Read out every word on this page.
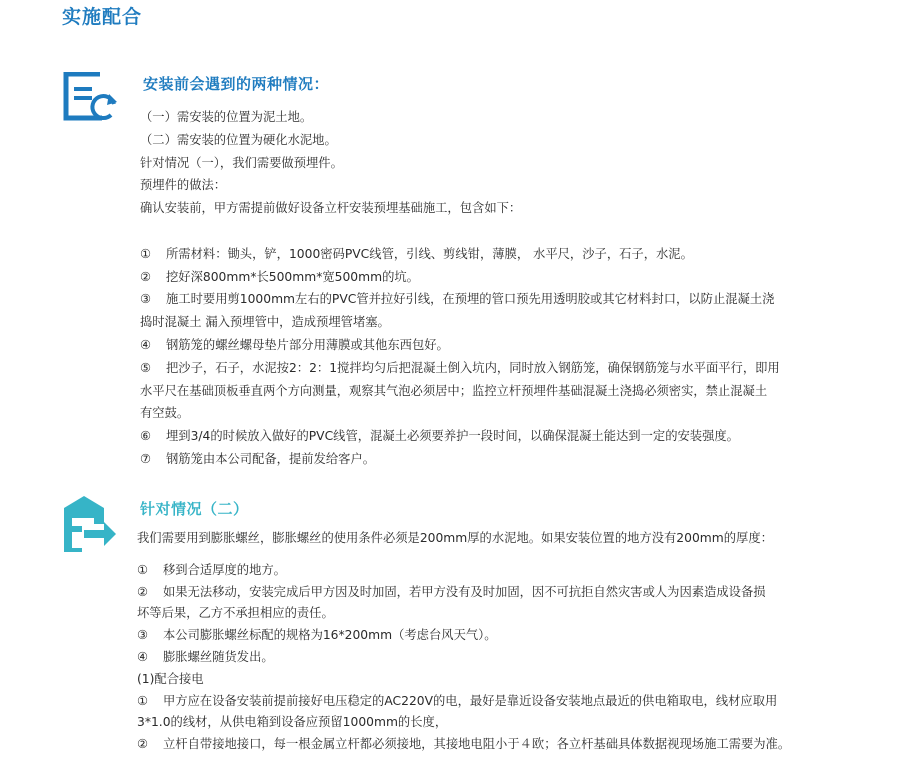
实施配合
安装前会遇到的两种情况：
（一）需安装的位置为泥土地。
（二）需安装的位置为硬化水泥地。
针对情况（一），我们需要做预埋件。
预埋件的做法：
确认安装前，甲方需提前做好设备立杆安装预埋基础施工，包含如下：
① 所需材料：锄头，铲，1000密码PVC线管，引线、剪线钳，薄膜， 水平尺，沙子，石子，水泥。
② 挖好深800mm*长500mm*宽500mm的坑。
③ 施工时要用剪1000mm左右的PVC管并拉好引线，在预埋的管口预先用透明胶或其它材料封口，以防止混凝土浇
捣时混凝土 漏入预埋管中，造成预埋管堵塞。
④ 钢筋笼的螺丝螺母垫片部分用薄膜或其他东西包好。
⑤ 把沙子，石子，水泥按2：2：1搅拌均匀后把混凝土倒入坑内，同时放入钢筋笼，确保钢筋笼与水平面平行，即用
水平尺在基础顶板垂直两个方向测量，观察其气泡必须居中；监控立杆预埋件基础混凝土浇捣必须密实，禁止混凝土
有空鼓。
⑥ 埋到3/4的时候放入做好的PVC线管，混凝土必须要养护一段时间，以确保混凝土能达到一定的安装强度。
⑦ 钢筋笼由本公司配备，提前发给客户。
针对情况（二）
我们需要用到膨胀螺丝，膨胀螺丝的使用条件必须是200mm厚的水泥地。如果安装位置的地方没有200mm的厚度：
① 移到合适厚度的地方。
② 如果无法移动，安装完成后甲方因及时加固，若甲方没有及时加固，因不可抗拒自然灾害或人为因素造成设备损
坏等后果，乙方不承担相应的责任。
③ 本公司膨胀螺丝标配的规格为16*200mm（考虑台风天气）。
④ 膨胀螺丝随货发出。
(1)配合接电
① 甲方应在设备安装前提前接好电压稳定的AC220V的电，最好是靠近设备安装地点最近的供电箱取电，线材应取用
3*1.0的线材，从供电箱到设备应预留1000mm的长度，
② 立杆自带接地接口，每一根金属立杆都必须接地，其接地电阻小于４欧；各立杆基础具体数据视现场施工需要为准。
